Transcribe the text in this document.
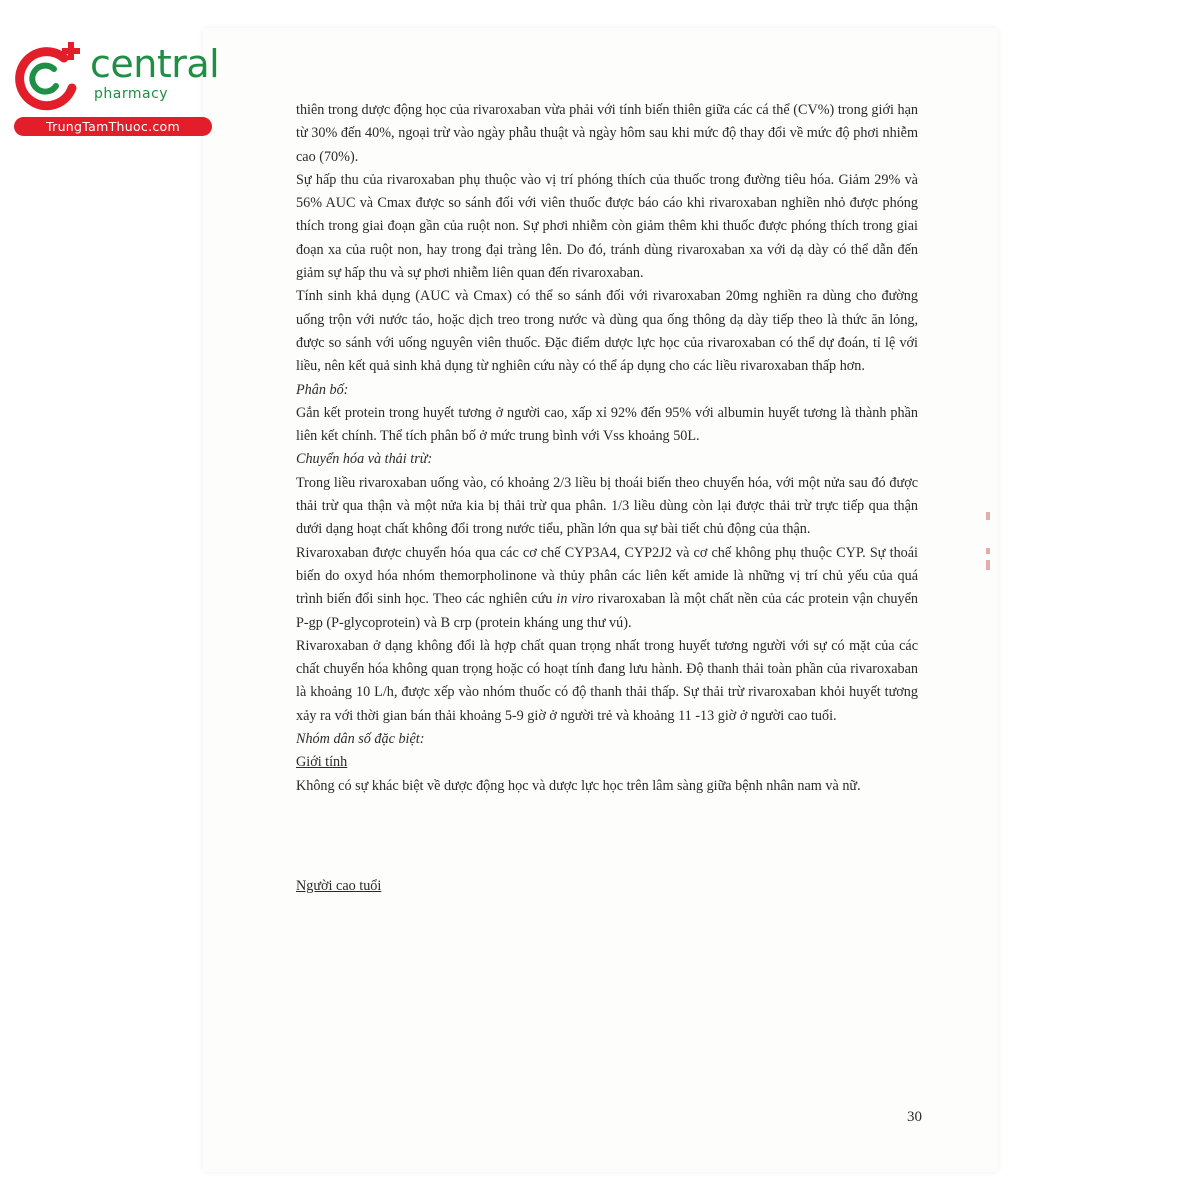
central
pharmacy
TrungTamThuoc.com

thiên trong dược động học của rivaroxaban vừa phải với tính biến thiên giữa các cá thể (CV%) trong giới hạn từ 30% đến 40%, ngoại trừ vào ngày phẫu thuật và ngày hôm sau khi mức độ thay đổi về mức độ phơi nhiễm cao (70%).

Sự hấp thu của rivaroxaban phụ thuộc vào vị trí phóng thích của thuốc trong đường tiêu hóa. Giảm 29% và 56% AUC và Cmax được so sánh đối với viên thuốc được báo cáo khi rivaroxaban nghiền nhỏ được phóng thích trong giai đoạn gần của ruột non. Sự phơi nhiễm còn giảm thêm khi thuốc được phóng thích trong giai đoạn xa của ruột non, hay trong đại tràng lên. Do đó, tránh dùng rivaroxaban xa với dạ dày có thể dẫn đến giảm sự hấp thu và sự phơi nhiễm liên quan đến rivaroxaban.

Tính sinh khả dụng (AUC và Cmax) có thể so sánh đối với rivaroxaban 20mg nghiền ra dùng cho đường uống trộn với nước táo, hoặc dịch treo trong nước và dùng qua ống thông dạ dày tiếp theo là thức ăn lỏng, được so sánh với uống nguyên viên thuốc. Đặc điểm dược lực học của rivaroxaban có thể dự đoán, tỉ lệ với liều, nên kết quả sinh khả dụng từ nghiên cứu này có thể áp dụng cho các liều rivaroxaban thấp hơn.

Phân bố:

Gắn kết protein trong huyết tương ở người cao, xấp xỉ 92% đến 95% với albumin huyết tương là thành phần liên kết chính. Thể tích phân bố ở mức trung bình với Vss khoảng 50L.

Chuyển hóa và thải trừ:

Trong liều rivaroxaban uống vào, có khoảng 2/3 liều bị thoái biến theo chuyển hóa, với một nửa sau đó được thải trừ qua thận và một nửa kia bị thải trừ qua phân. 1/3 liều dùng còn lại được thải trừ trực tiếp qua thận dưới dạng hoạt chất không đổi trong nước tiểu, phần lớn qua sự bài tiết chủ động của thận.

Rivaroxaban được chuyển hóa qua các cơ chế CYP3A4, CYP2J2 và cơ chế không phụ thuộc CYP. Sự thoái biến do oxyd hóa nhóm themorpholinone và thủy phân các liên kết amide là những vị trí chủ yếu của quá trình biến đổi sinh học. Theo các nghiên cứu in viro rivaroxaban là một chất nền của các protein vận chuyển P-gp (P-glycoprotein) và B crp (protein kháng ung thư vú).

Rivaroxaban ở dạng không đổi là hợp chất quan trọng nhất trong huyết tương người với sự có mặt của các chất chuyển hóa không quan trọng hoặc có hoạt tính đang lưu hành. Độ thanh thải toàn phần của rivaroxaban là khoảng 10 L/h, được xếp vào nhóm thuốc có độ thanh thải thấp. Sự thải trừ rivaroxaban khỏi huyết tương xảy ra với thời gian bán thải khoảng 5-9 giờ ở người trẻ và khoảng 11 -13 giờ ở người cao tuổi.

Nhóm dân số đặc biệt:

Giới tính

Không có sự khác biệt về dược động học và dược lực học trên lâm sàng giữa bệnh nhân nam và nữ.

Người cao tuổi

30
